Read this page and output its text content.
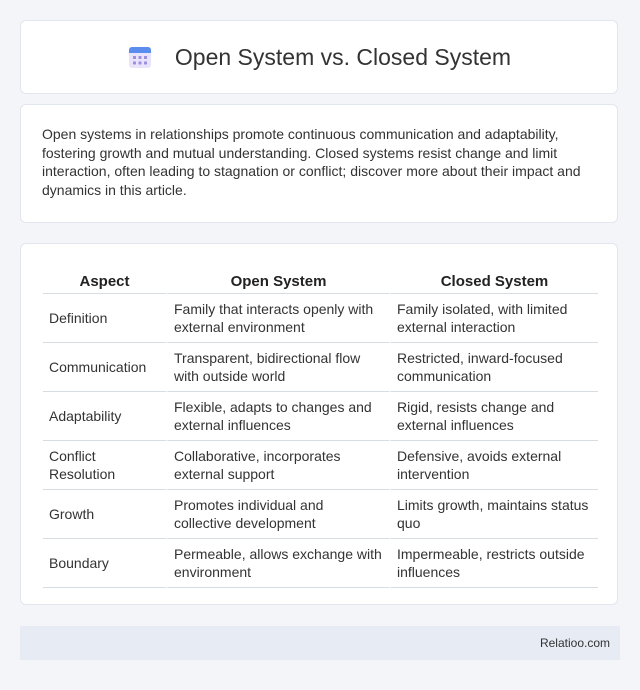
Open System vs. Closed System

Open systems in relationships promote continuous communication and adaptability, fostering growth and mutual understanding. Closed systems resist change and limit interaction, often leading to stagnation or conflict; discover more about their impact and dynamics in this article.

Aspect	Open System	Closed System
Definition	Family that interacts openly with external environment	Family isolated, with limited external interaction
Communication	Transparent, bidirectional flow with outside world	Restricted, inward-focused communication
Adaptability	Flexible, adapts to changes and external influences	Rigid, resists change and external influences
Conflict Resolution	Collaborative, incorporates external support	Defensive, avoids external intervention
Growth	Promotes individual and collective development	Limits growth, maintains status quo
Boundary	Permeable, allows exchange with environment	Impermeable, restricts outside influences
Relatioo.com
